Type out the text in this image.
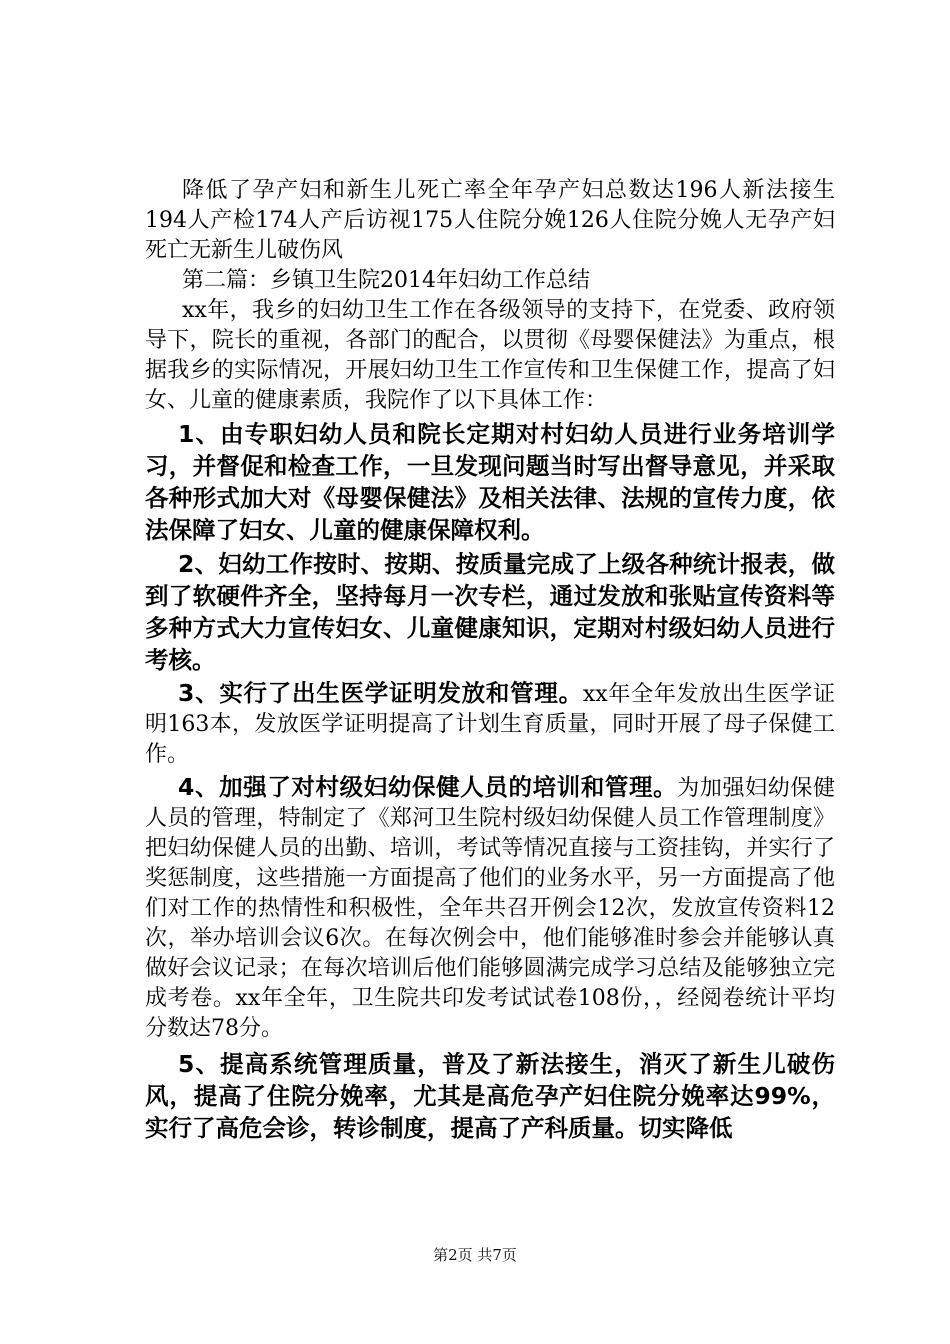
降低了孕产妇和新生儿死亡率全年孕产妇总数达196人新法接生194人产检174人产后访视175人住院分娩126人住院分娩人无孕产妇死亡无新生儿破伤风

第二篇：乡镇卫生院2014年妇幼工作总结

xx年，我乡的妇幼卫生工作在各级领导的支持下，在党委、政府领导下，院长的重视，各部门的配合，以贯彻《母婴保健法》为重点，根据我乡的实际情况，开展妇幼卫生工作宣传和卫生保健工作，提高了妇女、儿童的健康素质，我院作了以下具体工作：

1、由专职妇幼人员和院长定期对村妇幼人员进行业务培训学习，并督促和检查工作，一旦发现问题当时写出督导意见，并采取各种形式加大对《母婴保健法》及相关法律、法规的宣传力度，依法保障了妇女、儿童的健康保障权利。

2、妇幼工作按时、按期、按质量完成了上级各种统计报表，做到了软硬件齐全，坚持每月一次专栏，通过发放和张贴宣传资料等多种方式大力宣传妇女、儿童健康知识，定期对村级妇幼人员进行考核。

3、实行了出生医学证明发放和管理。xx年全年发放出生医学证明163本，发放医学证明提高了计划生育质量，同时开展了母子保健工作。

4、加强了对村级妇幼保健人员的培训和管理。为加强妇幼保健人员的管理，特制定了《郑河卫生院村级妇幼保健人员工作管理制度》把妇幼保健人员的出勤、培训，考试等情况直接与工资挂钩，并实行了奖惩制度，这些措施一方面提高了他们的业务水平，另一方面提高了他们对工作的热情性和积极性，全年共召开例会12次，发放宣传资料12次，举办培训会议6次。在每次例会中，他们能够准时参会并能够认真做好会议记录；在每次培训后他们能够圆满完成学习总结及能够独立完成考卷。xx年全年，卫生院共印发考试试卷108份，，经阅卷统计平均分数达78分。

5、提高系统管理质量，普及了新法接生，消灭了新生儿破伤风，提高了住院分娩率，尤其是高危孕产妇住院分娩率达99%，实行了高危会诊，转诊制度，提高了产科质量。切实降低

第2页 共7页
